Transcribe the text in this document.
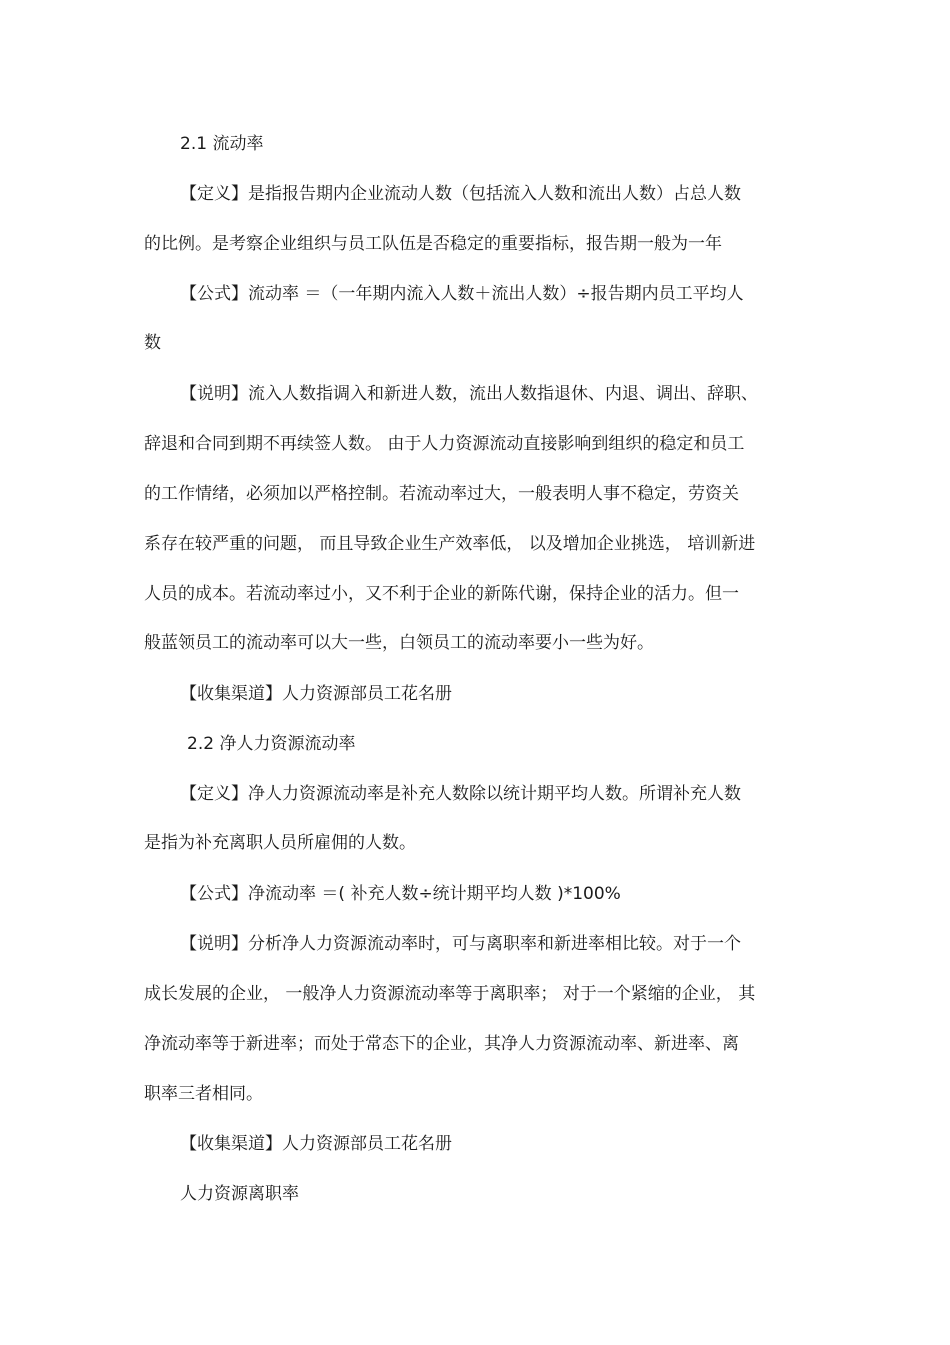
2.1 流动率
【定义】是指报告期内企业流动人数（包括流入人数和流出人数）占总人数
的比例。是考察企业组织与员工队伍是否稳定的重要指标，报告期一般为一年
【公式】流动率 ＝（一年期内流入人数＋流出人数）÷报告期内员工平均人
数
【说明】流入人数指调入和新进人数，流出人数指退休、内退、调出、辞职、
辞退和合同到期不再续签人数。 由于人力资源流动直接影响到组织的稳定和员工
的工作情绪，必须加以严格控制。若流动率过大，一般表明人事不稳定，劳资关
系存在较严重的问题， 而且导致企业生产效率低， 以及增加企业挑选， 培训新进
人员的成本。若流动率过小，又不利于企业的新陈代谢，保持企业的活力。但一
般蓝领员工的流动率可以大一些，白领员工的流动率要小一些为好。
【收集渠道】人力资源部员工花名册
2.2 净人力资源流动率
【定义】净人力资源流动率是补充人数除以统计期平均人数。所谓补充人数
是指为补充离职人员所雇佣的人数。
【公式】净流动率 ＝( 补充人数÷统计期平均人数 )*100%
【说明】分析净人力资源流动率时，可与离职率和新进率相比较。对于一个
成长发展的企业， 一般净人力资源流动率等于离职率； 对于一个紧缩的企业， 其
净流动率等于新进率；而处于常态下的企业，其净人力资源流动率、新进率、离
职率三者相同。
【收集渠道】人力资源部员工花名册
人力资源离职率
